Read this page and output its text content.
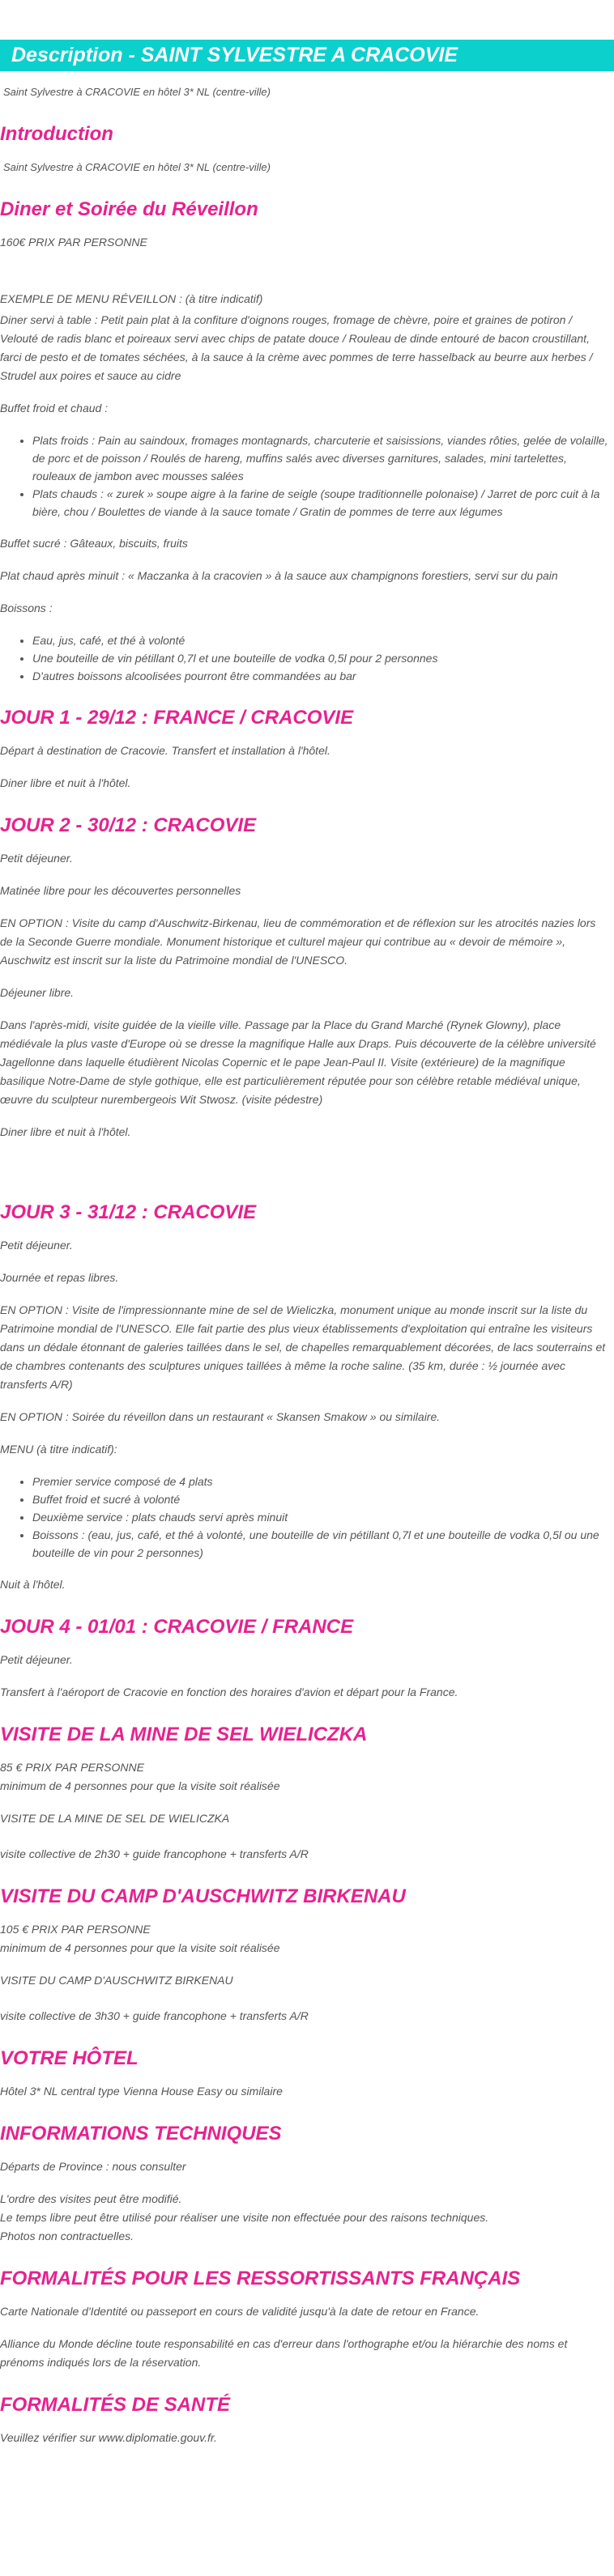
Description - SAINT SYLVESTRE A CRACOVIE

Saint Sylvestre à CRACOVIE en hôtel 3* NL (centre-ville)

Introduction

Saint Sylvestre à CRACOVIE en hôtel 3* NL (centre-ville)

Diner et Soirée du Réveillon

160€ PRIX PAR PERSONNE

EXEMPLE DE MENU RÉVEILLON : (à titre indicatif)

Diner servi à table : Petit pain plat à la confiture d'oignons rouges, fromage de chèvre, poire et graines de potiron / Velouté de radis blanc et poireaux servi avec chips de patate douce / Rouleau de dinde entouré de bacon croustillant, farci de pesto et de tomates séchées, à la sauce à la crème avec pommes de terre hasselback au beurre aux herbes / Strudel aux poires et sauce au cidre

Buffet froid et chaud :

• Plats froids : Pain au saindoux, fromages montagnards, charcuterie et saisissions, viandes rôties, gelée de volaille, de porc et de poisson / Roulés de hareng, muffins salés avec diverses garnitures, salades, mini tartelettes, rouleaux de jambon avec mousses salées
• Plats chauds : « zurek » soupe aigre à la farine de seigle (soupe traditionnelle polonaise) / Jarret de porc cuit à la bière, chou / Boulettes de viande à la sauce tomate / Gratin de pommes de terre aux légumes

Buffet sucré : Gâteaux, biscuits, fruits

Plat chaud après minuit : « Maczanka à la cracovien » à la sauce aux champignons forestiers, servi sur du pain

Boissons :

• Eau, jus, café, et thé à volonté
• Une bouteille de vin pétillant 0,7l et une bouteille de vodka 0,5l pour 2 personnes
• D'autres boissons alcoolisées pourront être commandées au bar
JOUR 1 - 29/12 : FRANCE / CRACOVIE

Départ à destination de Cracovie. Transfert et installation à l'hôtel.

Diner libre et nuit à l'hôtel.

JOUR 2 - 30/12 : CRACOVIE

Petit déjeuner.

Matinée libre pour les découvertes personnelles

EN OPTION : Visite du camp d'Auschwitz-Birkenau, lieu de commémoration et de réflexion sur les atrocités nazies lors de la Seconde Guerre mondiale. Monument historique et culturel majeur qui contribue au « devoir de mémoire », Auschwitz est inscrit sur la liste du Patrimoine mondial de l'UNESCO.

Déjeuner libre.

Dans l'après-midi, visite guidée de la vieille ville. Passage par la Place du Grand Marché (Rynek Glowny), place médiévale la plus vaste d'Europe où se dresse la magnifique Halle aux Draps. Puis découverte de la célèbre université Jagellonne dans laquelle étudièrent Nicolas Copernic et le pape Jean-Paul II. Visite (extérieure) de la magnifique basilique Notre-Dame de style gothique, elle est particulièrement réputée pour son célèbre retable médiéval unique, œuvre du sculpteur nurembergeois Wit Stwosz. (visite pédestre)

Diner libre et nuit à l'hôtel.

JOUR 3 - 31/12 : CRACOVIE

Petit déjeuner.

Journée et repas libres.

EN OPTION : Visite de l'impressionnante mine de sel de Wieliczka, monument unique au monde inscrit sur la liste du Patrimoine mondial de l'UNESCO. Elle fait partie des plus vieux établissements d'exploitation qui entraîne les visiteurs dans un dédale étonnant de galeries taillées dans le sel, de chapelles remarquablement décorées, de lacs souterrains et de chambres contenants des sculptures uniques taillées à même la roche saline. (35 km, durée : ½ journée avec transferts A/R)

EN OPTION : Soirée du réveillon dans un restaurant « Skansen Smakow » ou similaire.

MENU (à titre indicatif):

• Premier service composé de 4 plats
• Buffet froid et sucré à volonté
• Deuxième service : plats chauds servi après minuit
• Boissons : (eau, jus, café, et thé à volonté, une bouteille de vin pétillant 0,7l et une bouteille de vodka 0,5l ou une bouteille de vin pour 2 personnes)

Nuit à l'hôtel.

JOUR 4 - 01/01 : CRACOVIE / FRANCE

Petit déjeuner.

Transfert à l'aéroport de Cracovie en fonction des horaires d'avion et départ pour la France.

VISITE DE LA MINE DE SEL WIELICZKA

85 € PRIX PAR PERSONNE
minimum de 4 personnes pour que la visite soit réalisée

VISITE DE LA MINE DE SEL DE WIELICZKA

visite collective de 2h30 + guide francophone + transferts A/R

VISITE DU CAMP D'AUSCHWITZ BIRKENAU

105 € PRIX PAR PERSONNE
minimum de 4 personnes pour que la visite soit réalisée

VISITE DU CAMP D'AUSCHWITZ BIRKENAU

visite collective de 3h30 + guide francophone + transferts A/R

VOTRE HÔTEL

Hôtel 3* NL central type Vienna House Easy ou similaire

INFORMATIONS TECHNIQUES

Départs de Province : nous consulter

L'ordre des visites peut être modifié.
Le temps libre peut être utilisé pour réaliser une visite non effectuée pour des raisons techniques.
Photos non contractuelles.

FORMALITÉS POUR LES RESSORTISSANTS FRANÇAIS

Carte Nationale d'Identité ou passeport en cours de validité jusqu'à la date de retour en France.

Alliance du Monde décline toute responsabilité en cas d'erreur dans l'orthographe et/ou la hiérarchie des noms et prénoms indiqués lors de la réservation.

FORMALITÉS DE SANTÉ

Veuillez vérifier sur www.diplomatie.gouv.fr.
